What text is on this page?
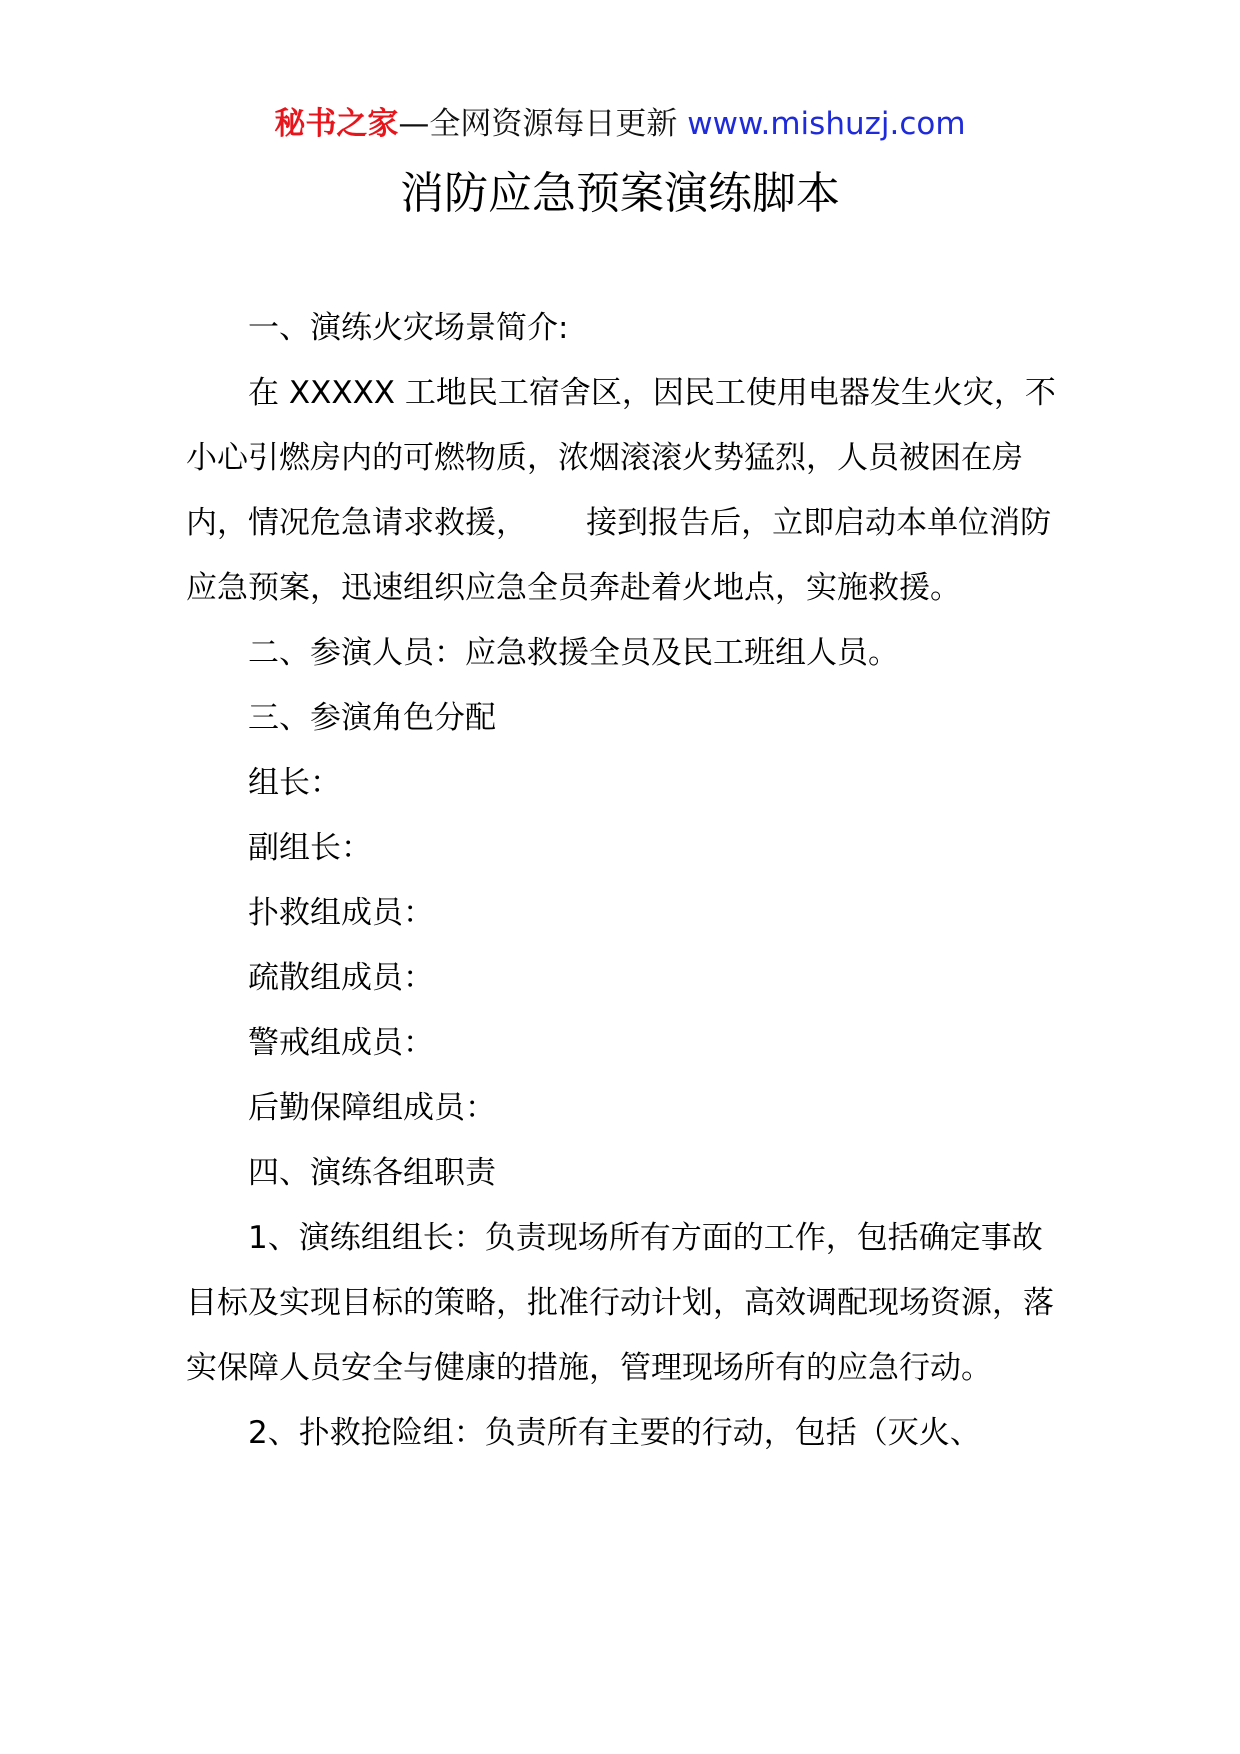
秘书之家—全网资源每日更新 www.mishuzj.com
消防应急预案演练脚本

一、演练火灾场景简介:

在 XXXXX 工地民工宿舍区，因民工使用电器发生火灾，不小心引燃房内的可燃物质，浓烟滚滚火势猛烈，人员被困在房内，情况危急请求救援，      接到报告后，立即启动本单位消防应急预案，迅速组织应急全员奔赴着火地点，实施救援。

二、参演人员：应急救援全员及民工班组人员。

三、参演角色分配

组长：

副组长：

扑救组成员：

疏散组成员：

警戒组成员：

后勤保障组成员：

四、演练各组职责

1、演练组组长：负责现场所有方面的工作，包括确定事故目标及实现目标的策略，批准行动计划，高效调配现场资源，落实保障人员安全与健康的措施，管理现场所有的应急行动。

2、扑救抢险组：负责所有主要的行动，包括（灭火、
